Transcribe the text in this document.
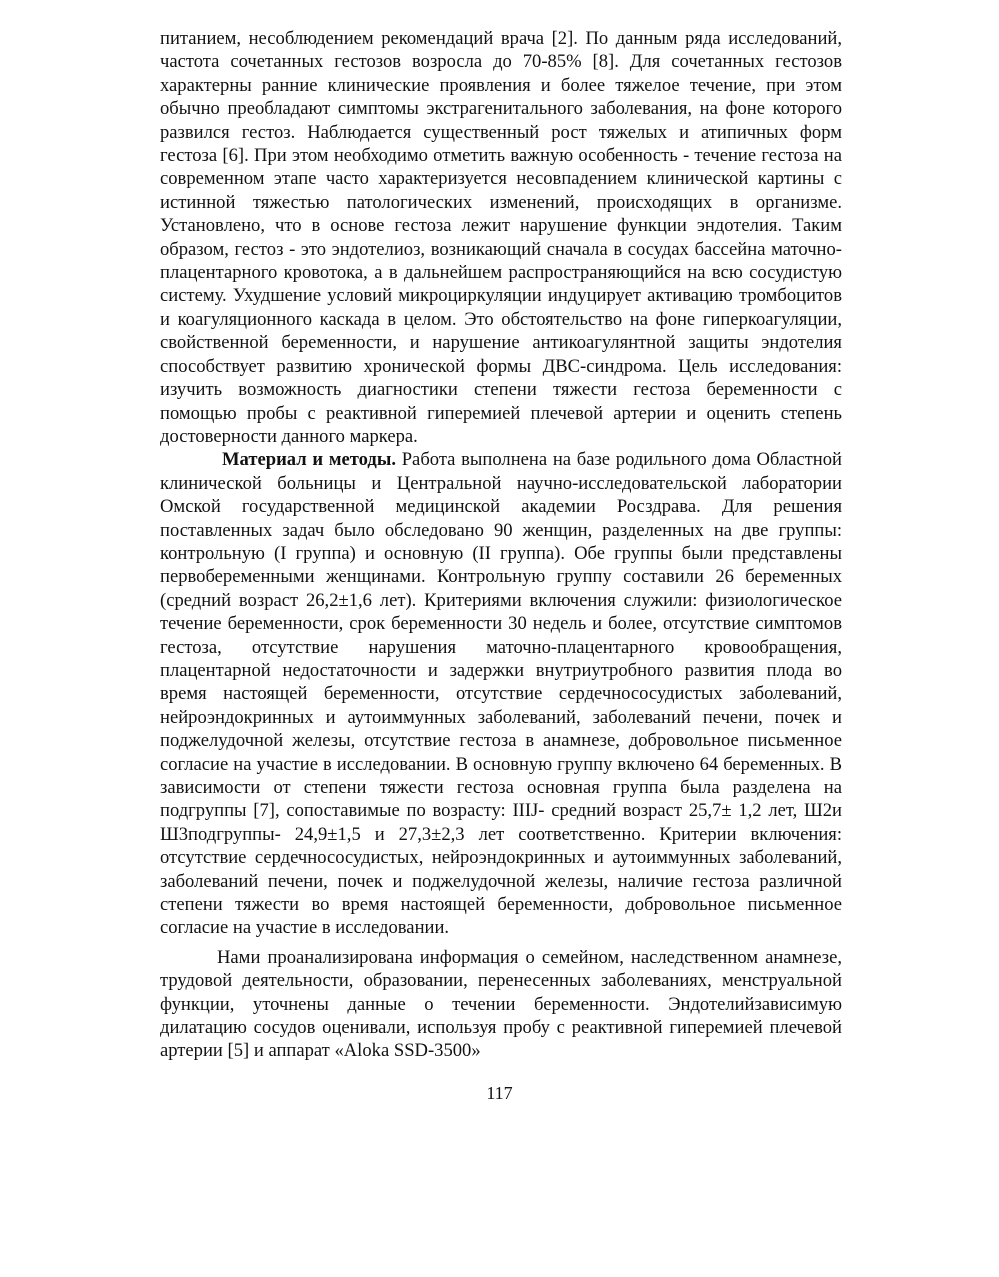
питанием, несоблюдением рекомендаций врача [2]. По данным ряда исследований, частота сочетанных гестозов возросла до 70-85% [8]. Для сочетанных гестозов характерны ранние клинические проявления и более тяжелое течение, при этом обычно преобладают симптомы экстрагенитального заболевания, на фоне которого развился гестоз. Наблюдается существенный рост тяжелых и атипичных форм гестоза [6]. При этом необходимо отметить важную особенность - течение гестоза на современном этапе часто характеризуется несовпадением клинической картины с истинной тяжестью патологических изменений, происходящих в организме. Установлено, что в основе гестоза лежит нарушение функции эндотелия. Таким образом, гестоз - это эндотелиоз, возникающий сначала в сосудах бассейна маточно-плацентарного кровотока, а в дальнейшем распространяющийся на всю сосудистую систему. Ухудшение условий микроциркуляции индуцирует активацию тромбоцитов и коагуляционного каскада в целом. Это обстоятельство на фоне гиперкоагуляции, свойственной беременности, и нарушение антикоагулянтной защиты эндотелия способствует развитию хронической формы ДВС-синдрома. Цель исследования: изучить возможность диагностики степени тяжести гестоза беременности с помощью пробы с реактивной гиперемией плечевой артерии и оценить степень достоверности данного маркера.

Материал и методы. Работа выполнена на базе родильного дома Областной клинической больницы и Центральной научно-исследовательской лаборатории Омской государственной медицинской академии Росздрава. Для решения поставленных задач было обследовано 90 женщин, разделенных на две группы: контрольную (I группа) и основную (II группа). Обе группы были представлены первобеременными женщинами. Контрольную группу составили 26 беременных (средний возраст 26,2±1,6 лет). Критериями включения служили: физиологическое течение беременности, срок беременности 30 недель и более, отсутствие симптомов гестоза, отсутствие нарушения маточно-плацентарного кровообращения, плацентарной недостаточности и задержки внутриутробного развития плода во время настоящей беременности, отсутствие сердечнососудистых заболеваний, нейроэндокринных и аутоиммунных заболеваний, заболеваний печени, почек и поджелудочной железы, отсутствие гестоза в анамнезе, добровольное письменное согласие на участие в исследовании. В основную группу включено 64 беременных. В зависимости от степени тяжести гестоза основная группа была разделена на подгруппы [7], сопоставимые по возрасту: IIIJ- средний возраст 25,7± 1,2 лет, Ш2и Ш3подгруппы- 24,9±1,5 и 27,3±2,3 лет соответственно. Критерии включения: отсутствие сердечнососудистых, нейроэндокринных и аутоиммунных заболеваний, заболеваний печени, почек и поджелудочной железы, наличие гестоза различной степени тяжести во время настоящей беременности, добровольное письменное согласие на участие в исследовании.

Нами проанализирована информация о семейном, наследственном анамнезе, трудовой деятельности, образовании, перенесенных заболеваниях, менструальной функции, уточнены данные о течении беременности. Эндотелийзависимую дилатацию сосудов оценивали, используя пробу с реактивной гиперемией плечевой артерии [5] и аппарат «Aloka SSD-3500»

117
